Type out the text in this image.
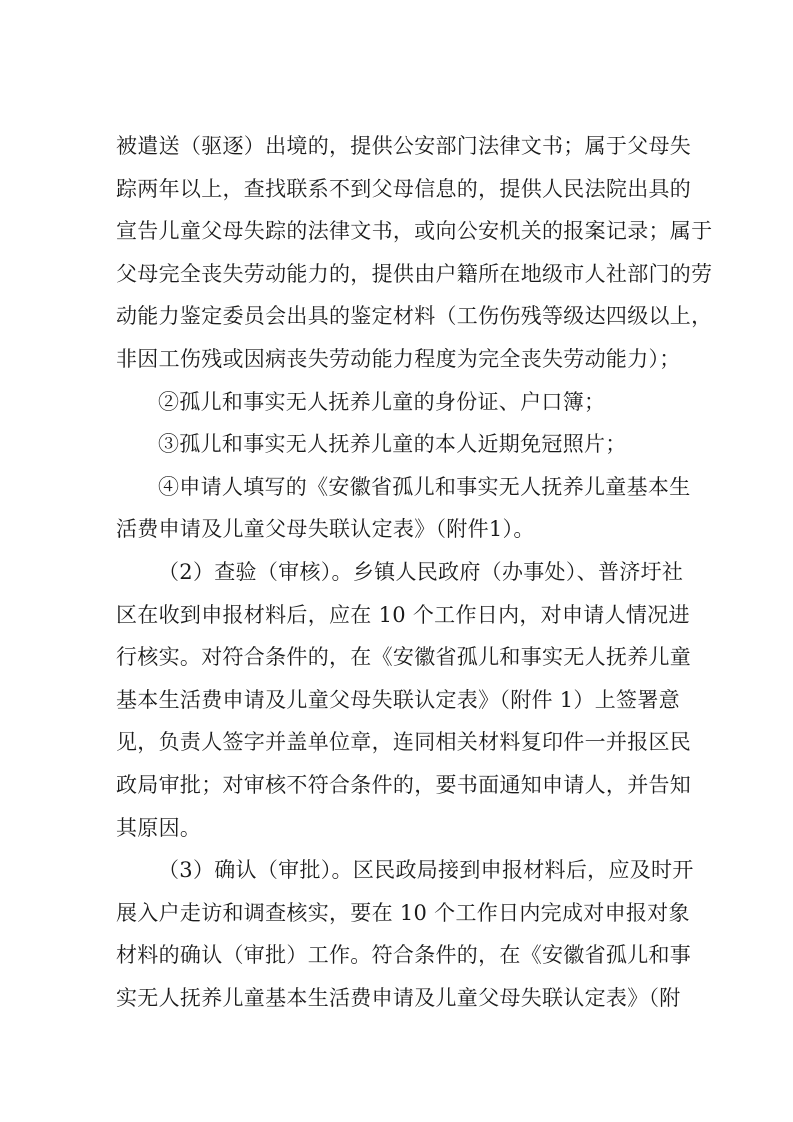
被遣送（驱逐）出境的，提供公安部门法律文书；属于父母失
踪两年以上，查找联系不到父母信息的，提供人民法院出具的
宣告儿童父母失踪的法律文书，或向公安机关的报案记录；属于
父母完全丧失劳动能力的，提供由户籍所在地级市人社部门的劳
动能力鉴定委员会出具的鉴定材料（工伤伤残等级达四级以上，
非因工伤残或因病丧失劳动能力程度为完全丧失劳动能力）；
②孤儿和事实无人抚养儿童的身份证、户口簿；
③孤儿和事实无人抚养儿童的本人近期免冠照片；
④申请人填写的《安徽省孤儿和事实无人抚养儿童基本生
活费申请及儿童父母失联认定表》（附件1）。
（2）查验（审核）。乡镇人民政府（办事处）、普济圩社
区在收到申报材料后，应在 10 个工作日内，对申请人情况进
行核实。对符合条件的，在《安徽省孤儿和事实无人抚养儿童
基本生活费申请及儿童父母失联认定表》（附件 1）上签署意
见，负责人签字并盖单位章，连同相关材料复印件一并报区民
政局审批；对审核不符合条件的，要书面通知申请人，并告知
其原因。
（3）确认（审批）。区民政局接到申报材料后，应及时开
展入户走访和调查核实，要在 10 个工作日内完成对申报对象
材料的确认（审批）工作。符合条件的，在《安徽省孤儿和事
实无人抚养儿童基本生活费申请及儿童父母失联认定表》（附
